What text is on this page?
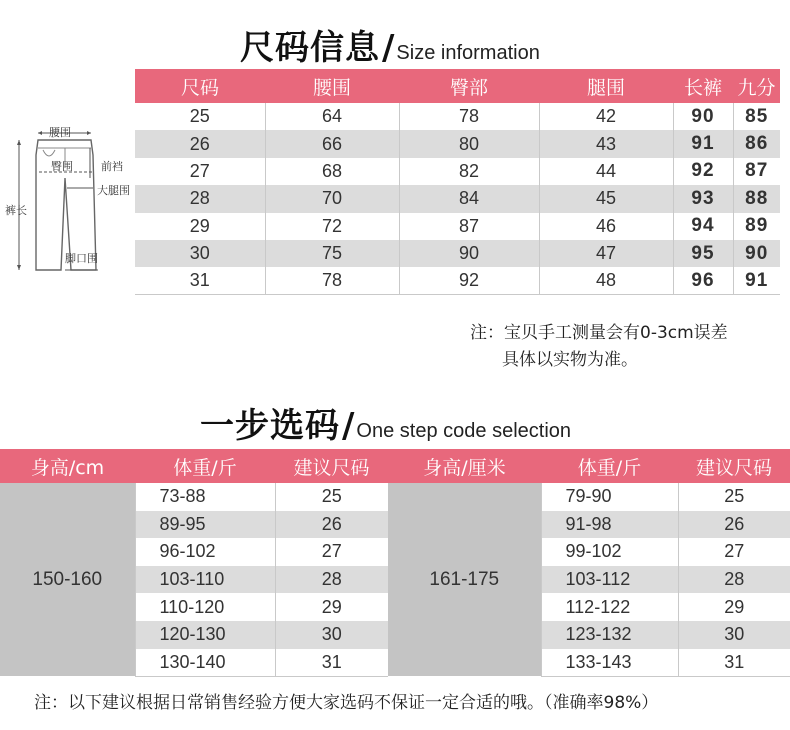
尺码信息 / Size information
腰围
臀围	前裆
大腿围
裤长
脚口围
尺码	腰围	臀部	腿围	长裤	九分
25	64	78	42	90	85
26	66	80	43	91	86
27	68	82	44	92	87
28	70	84	45	93	88
29	72	87	46	94	89
30	75	90	47	95	90
31	78	92	48	96	91
注：宝贝手工测量会有0-3cm误差
具体以实物为准。
一步选码 / One step code selection
身高/cm	体重/斤	建议尺码	身高/厘米	体重/斤	建议尺码
150-160	73-88	25	161-175	79-90	25
	89-95	26		91-98	26
	96-102	27		99-102	27
	103-110	28		103-112	28
	110-120	29		112-122	29
	120-130	30		123-132	30
	130-140	31		133-143	31
注：以下建议根据日常销售经验方便大家选码不保证一定合适的哦。（准确率98%）
